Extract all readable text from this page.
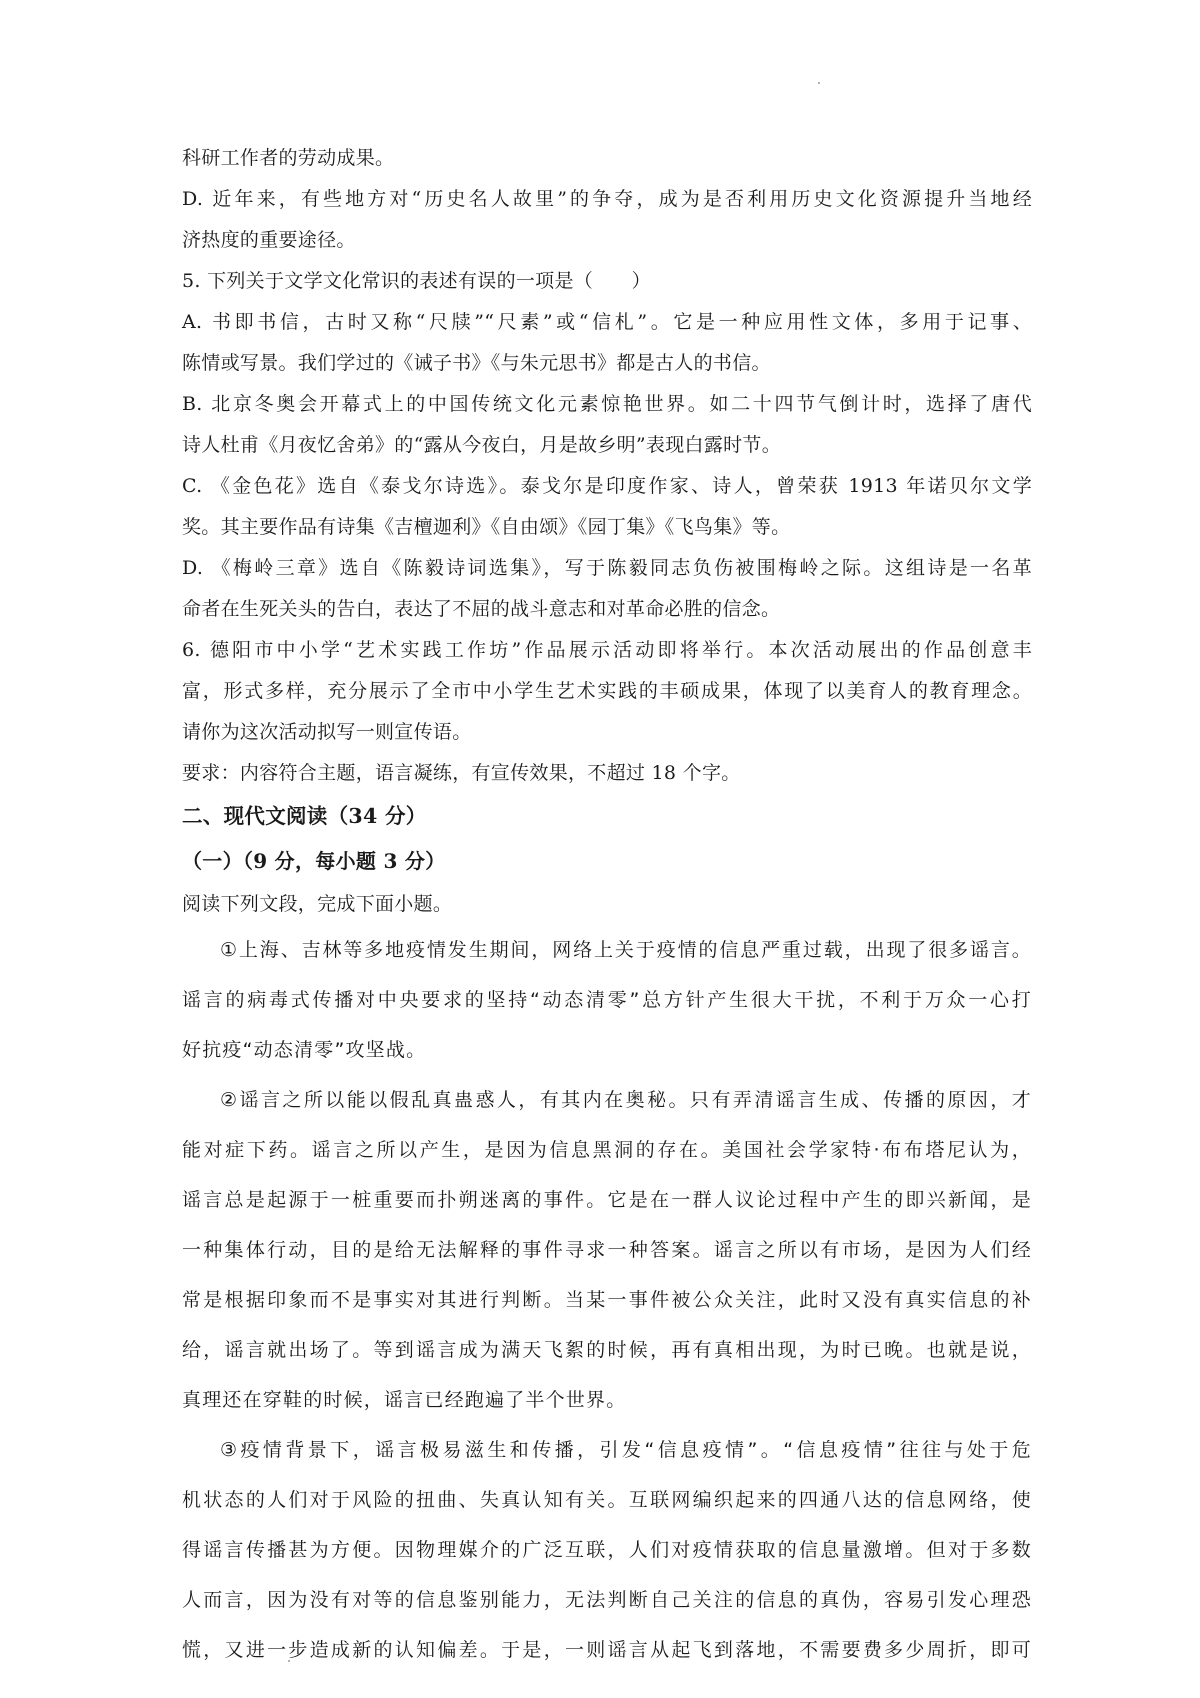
科研工作者的劳动成果。

D. 近年来，有些地方对“历史名人故里”的争夺，成为是否利用历史文化资源提升当地经

济热度的重要途径。

5. 下列关于文学文化常识的表述有误的一项是（　　）

A. 书即书信，古时又称“尺牍”“尺素”或“信札”。它是一种应用性文体，多用于记事、

陈情或写景。我们学过的《诫子书》《与朱元思书》都是古人的书信。

B. 北京冬奥会开幕式上的中国传统文化元素惊艳世界。如二十四节气倒计时，选择了唐代

诗人杜甫《月夜忆舍弟》的“露从今夜白，月是故乡明”表现白露时节。

C. 《金色花》选自《泰戈尔诗选》。泰戈尔是印度作家、诗人，曾荣获 1913 年诺贝尔文学

奖。其主要作品有诗集《吉檀迦利》《自由颂》《园丁集》《飞鸟集》等。

D. 《梅岭三章》选自《陈毅诗词选集》，写于陈毅同志负伤被围梅岭之际。这组诗是一名革

命者在生死关头的告白，表达了不屈的战斗意志和对革命必胜的信念。

6. 德阳市中小学“艺术实践工作坊”作品展示活动即将举行。本次活动展出的作品创意丰

富，形式多样，充分展示了全市中小学生艺术实践的丰硕成果，体现了以美育人的教育理念。

请你为这次活动拟写一则宣传语。

要求：内容符合主题，语言凝练，有宣传效果，不超过 18 个字。

二、现代文阅读（34 分）

（一）（9 分，每小题 3 分）

阅读下列文段，完成下面小题。

①上海、吉林等多地疫情发生期间，网络上关于疫情的信息严重过载，出现了很多谣言。

谣言的病毒式传播对中央要求的坚持“动态清零”总方针产生很大干扰，不利于万众一心打

好抗疫“动态清零”攻坚战。

②谣言之所以能以假乱真蛊惑人，有其内在奥秘。只有弄清谣言生成、传播的原因，才

能对症下药。谣言之所以产生，是因为信息黑洞的存在。美国社会学家特·布布塔尼认为，

谣言总是起源于一桩重要而扑朔迷离的事件。它是在一群人议论过程中产生的即兴新闻，是

一种集体行动，目的是给无法解释的事件寻求一种答案。谣言之所以有市场，是因为人们经

常是根据印象而不是事实对其进行判断。当某一事件被公众关注，此时又没有真实信息的补

给，谣言就出场了。等到谣言成为满天飞絮的时候，再有真相出现，为时已晚。也就是说，

真理还在穿鞋的时候，谣言已经跑遍了半个世界。

③疫情背景下，谣言极易滋生和传播，引发“信息疫情”。“信息疫情”往往与处于危

机状态的人们对于风险的扭曲、失真认知有关。互联网编织起来的四通八达的信息网络，使

得谣言传播甚为方便。因物理媒介的广泛互联，人们对疫情获取的信息量激增。但对于多数

人而言，因为没有对等的信息鉴别能力，无法判断自己关注的信息的真伪，容易引发心理恐

慌，又进一步造成新的认知偏差。于是，一则谣言从起飞到落地，不需要费多少周折，即可
